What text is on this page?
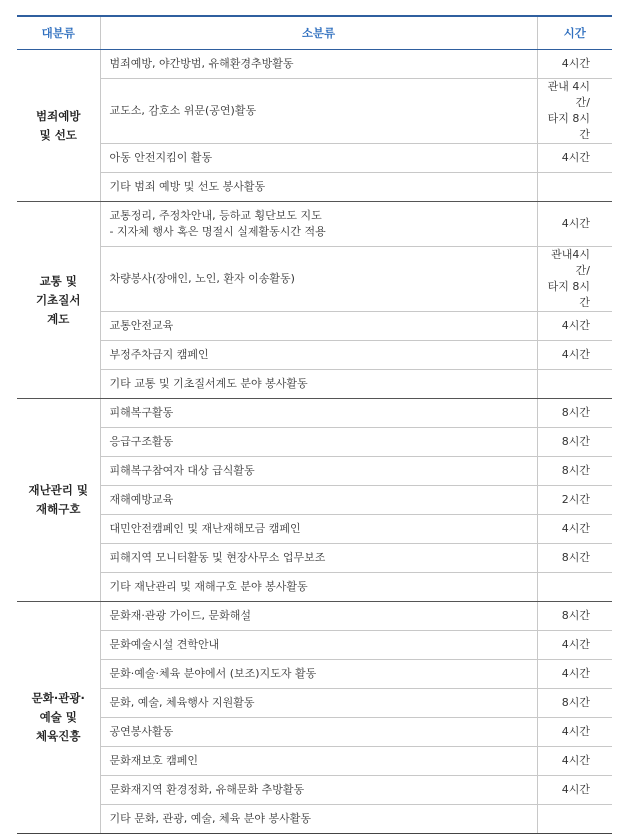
대분류	소분류	시간

범죄예방
및 선도	범죄예방, 야간방범, 유해환경추방활동	4시간

	교도소, 감호소 위문(공연)활동	관내 4시간/
타지 8시간

	아동 안전지킴이 활동	4시간

	기타 범죄 예방 및 선도 봉사활동	

교통 및
기초질서
계도	교통정리, 주정차안내, 등하교 횡단보도 지도
- 지자체 행사 혹은 명절시 실제활동시간 적용	4시간

	차량봉사(장애인, 노인, 환자 이송활동)	관내4시간/
타지 8시간

	교통안전교육	4시간

	부정주차금지 캠페인	4시간

	기타 교통 및 기초질서계도 분야 봉사활동	

재난관리 및
재해구호	피해복구활동	8시간

	응급구조활동	8시간

	피해복구참여자 대상 급식활동	8시간

	재해예방교육	2시간

	대민안전캠페인 및 재난재해모금 캠페인	4시간

	피해지역 모니터활동 및 현장사무소 업무보조	8시간

	기타 재난관리 및 재해구호 분야 봉사활동	

문화·관광·
예술 및
체육진흥	문화재·관광 가이드, 문화해설	8시간

	문화예술시설 견학안내	4시간

	문화·예술·체육 분야에서 (보조)지도자 활동	4시간

	문화, 예술, 체육행사 지원활동	8시간

	공연봉사활동	4시간

	문화재보호 캠페인	4시간

	문화재지역 환경정화, 유해문화 추방활동	4시간

	기타 문화, 관광, 예술, 체육 분야 봉사활동	
